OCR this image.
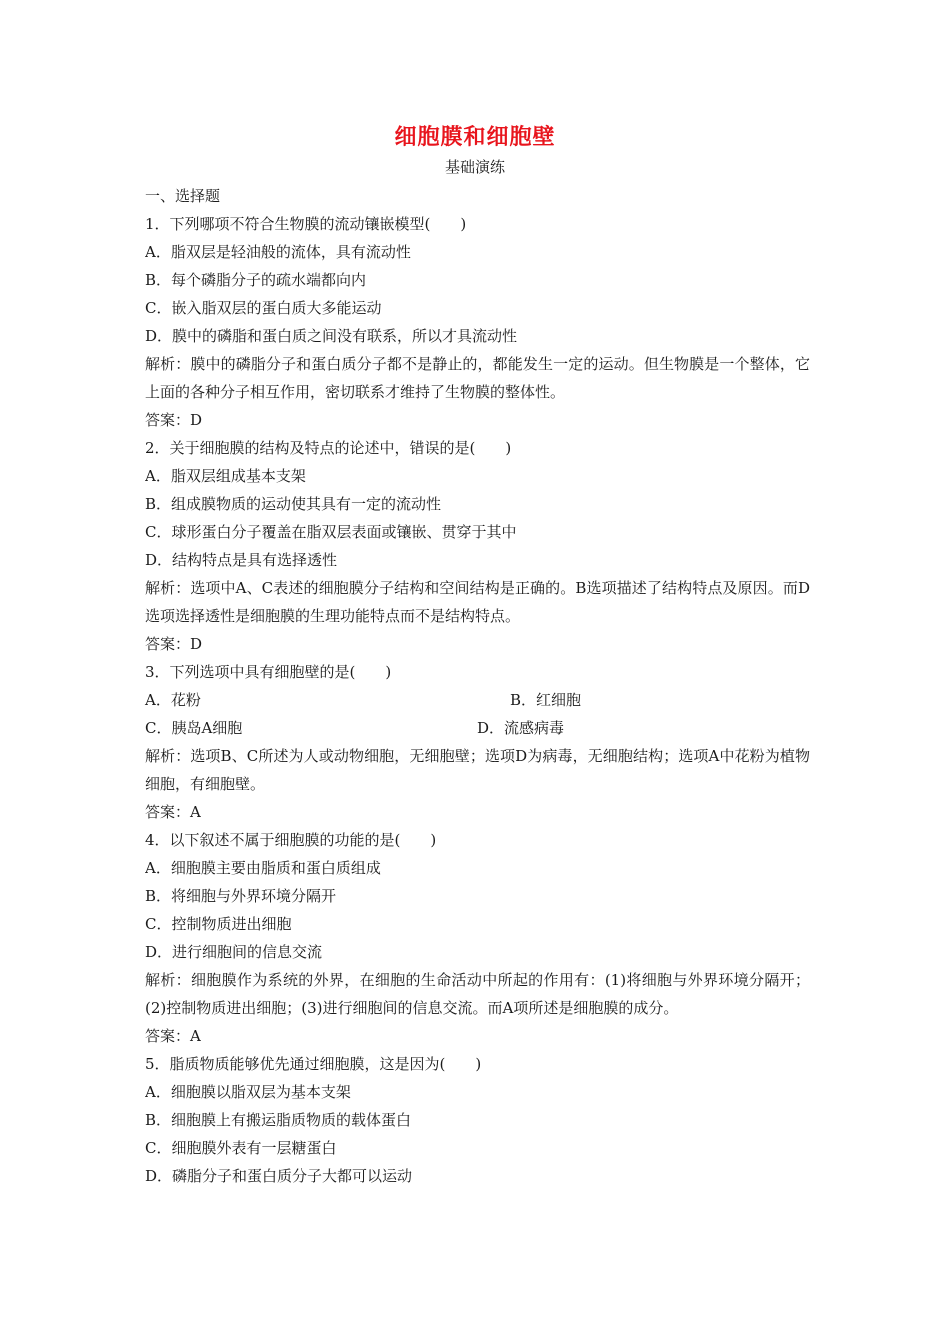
细胞膜和细胞壁
基础演练
一、选择题
1．下列哪项不符合生物膜的流动镶嵌模型(　　)
A．脂双层是轻油般的流体，具有流动性
B．每个磷脂分子的疏水端都向内
C．嵌入脂双层的蛋白质大多能运动
D．膜中的磷脂和蛋白质之间没有联系，所以才具流动性
解析：膜中的磷脂分子和蛋白质分子都不是静止的，都能发生一定的运动。但生物膜是一个整体，它上面的各种分子相互作用，密切联系才维持了生物膜的整体性。
答案：D
2．关于细胞膜的结构及特点的论述中，错误的是(　　)
A．脂双层组成基本支架
B．组成膜物质的运动使其具有一定的流动性
C．球形蛋白分子覆盖在脂双层表面或镶嵌、贯穿于其中
D．结构特点是具有选择透性
解析：选项中A、C表述的细胞膜分子结构和空间结构是正确的。B选项描述了结构特点及原因。而D选项选择透性是细胞膜的生理功能特点而不是结构特点。
答案：D
3．下列选项中具有细胞壁的是(　　)
A．花粉	B．红细胞
C．胰岛A细胞	D．流感病毒
解析：选项B、C所述为人或动物细胞，无细胞壁；选项D为病毒，无细胞结构；选项A中花粉为植物细胞，有细胞壁。
答案：A
4．以下叙述不属于细胞膜的功能的是(　　)
A．细胞膜主要由脂质和蛋白质组成
B．将细胞与外界环境分隔开
C．控制物质进出细胞
D．进行细胞间的信息交流
解析：细胞膜作为系统的外界，在细胞的生命活动中所起的作用有：(1)将细胞与外界环境分隔开；(2)控制物质进出细胞；(3)进行细胞间的信息交流。而A项所述是细胞膜的成分。
答案：A
5．脂质物质能够优先通过细胞膜，这是因为(　　)
A．细胞膜以脂双层为基本支架
B．细胞膜上有搬运脂质物质的载体蛋白
C．细胞膜外表有一层糖蛋白
D．磷脂分子和蛋白质分子大都可以运动
